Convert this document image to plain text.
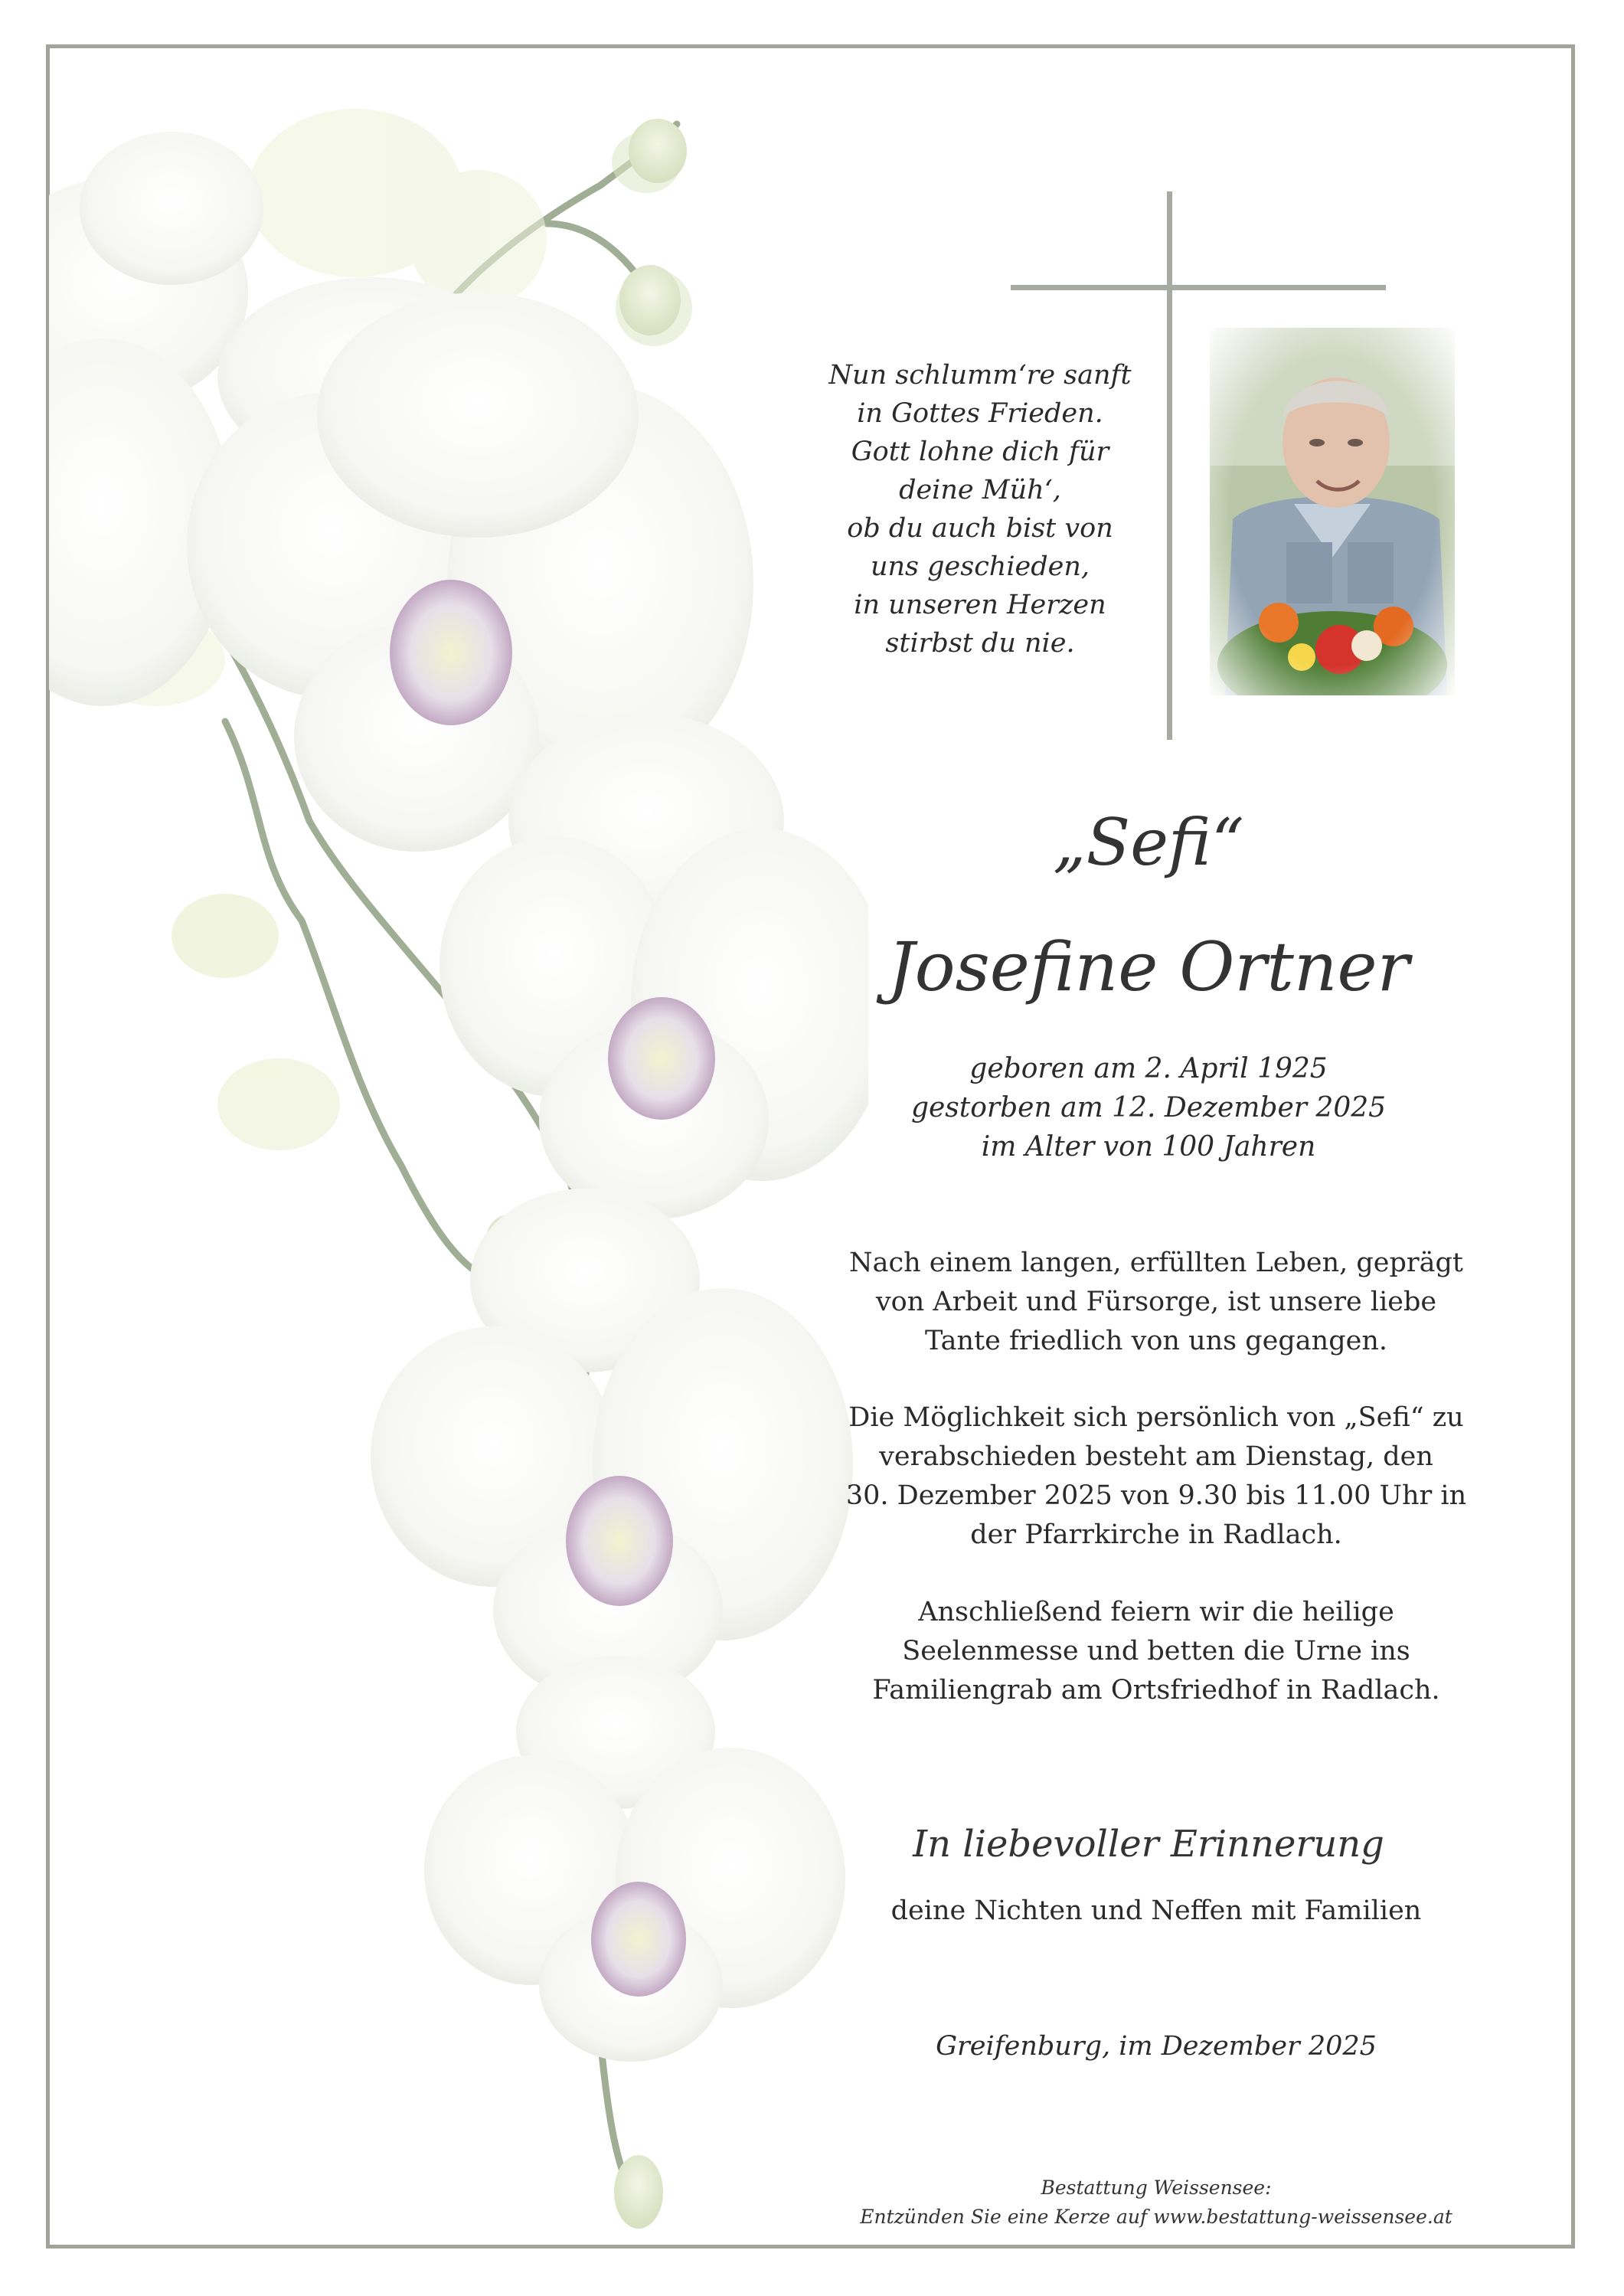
Nun schlumm‘re sanft
in Gottes Frieden.
Gott lohne dich für
deine Müh‘,
ob du auch bist von
uns geschieden,
in unseren Herzen
stirbst du nie.
„Sefi“
Josefine Ortner
geboren am 2. April 1925
gestorben am 12. Dezember 2025
im Alter von 100 Jahren
Nach einem langen, erfüllten Leben, geprägt
von Arbeit und Fürsorge, ist unsere liebe
Tante friedlich von uns gegangen.
Die Möglichkeit sich persönlich von „Sefi“ zu
verabschieden besteht am Dienstag, den
30. Dezember 2025 von 9.30 bis 11.00 Uhr in
der Pfarrkirche in Radlach.
Anschließend feiern wir die heilige
Seelenmesse und betten die Urne ins
Familiengrab am Ortsfriedhof in Radlach.
In liebevoller Erinnerung
deine Nichten und Neffen mit Familien
Greifenburg, im Dezember 2025
Bestattung Weissensee:
Entzünden Sie eine Kerze auf www.bestattung-weissensee.at
